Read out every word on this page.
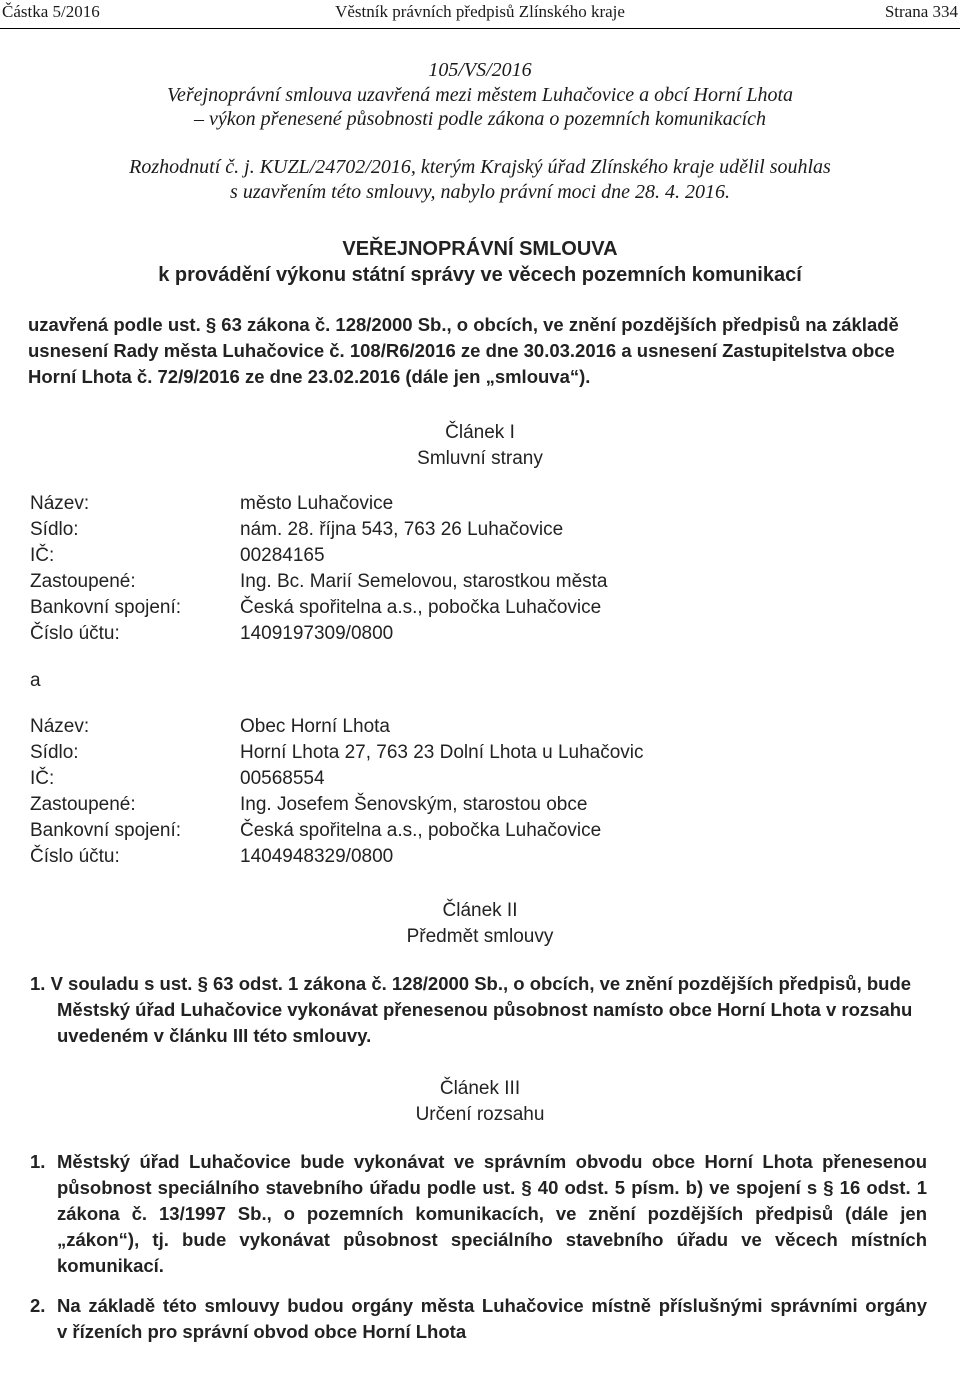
Částka 5/2016	Věstník právních předpisů Zlínského kraje	Strana 334
105/VS/2016
Veřejnoprávní smlouva uzavřená mezi městem Luhačovice a obcí Horní Lhota
– výkon přenesené působnosti podle zákona o pozemních komunikacích
Rozhodnutí č. j. KUZL/24702/2016, kterým Krajský úřad Zlínského kraje udělil souhlas
s uzavřením této smlouvy, nabylo právní moci dne 28. 4. 2016.
VEŘEJNOPRÁVNÍ SMLOUVA
k provádění výkonu státní správy ve věcech pozemních komunikací
uzavřená podle ust. § 63 zákona č. 128/2000 Sb., o obcích, ve znění pozdějších předpisů na základě
usnesení Rady města Luhačovice č. 108/R6/2016 ze dne 30.03.2016 a usnesení Zastupitelstva obce
Horní Lhota č. 72/9/2016 ze dne 23.02.2016 (dále jen „smlouva“).
Článek I
Smluvní strany
Název:	město Luhačovice
Sídlo:	nám. 28. října 543, 763 26 Luhačovice
IČ:	00284165
Zastoupené:	Ing. Bc. Marií Semelovou, starostkou města
Bankovní spojení:	Česká spořitelna a.s., pobočka Luhačovice
Číslo účtu:	1409197309/0800
a
Název:	Obec Horní Lhota
Sídlo:	Horní Lhota 27, 763 23 Dolní Lhota u Luhačovic
IČ:	00568554
Zastoupené:	Ing. Josefem Šenovským, starostou obce
Bankovní spojení:	Česká spořitelna a.s., pobočka Luhačovice
Číslo účtu:	1404948329/0800
Článek II
Předmět smlouvy
1. V souladu s ust. § 63 odst. 1 zákona č. 128/2000 Sb., o obcích, ve znění pozdějších předpisů, bude
Městský úřad Luhačovice vykonávat přenesenou působnost namísto obce Horní Lhota v rozsahu
uvedeném v článku III této smlouvy.
Článek III
Určení rozsahu
1. Městský úřad Luhačovice bude vykonávat ve správním obvodu obce Horní Lhota přenesenou
působnost speciálního stavebního úřadu podle ust. § 40 odst. 5 písm. b) ve spojení s § 16 odst. 1
zákona č. 13/1997 Sb., o pozemních komunikacích, ve znění pozdějších předpisů (dále jen
„zákon“), tj. bude vykonávat působnost speciálního stavebního úřadu ve věcech místních
komunikací.
2. Na základě této smlouvy budou orgány města Luhačovice místně příslušnými správními orgány
v řízeních pro správní obvod obce Horní Lhota
